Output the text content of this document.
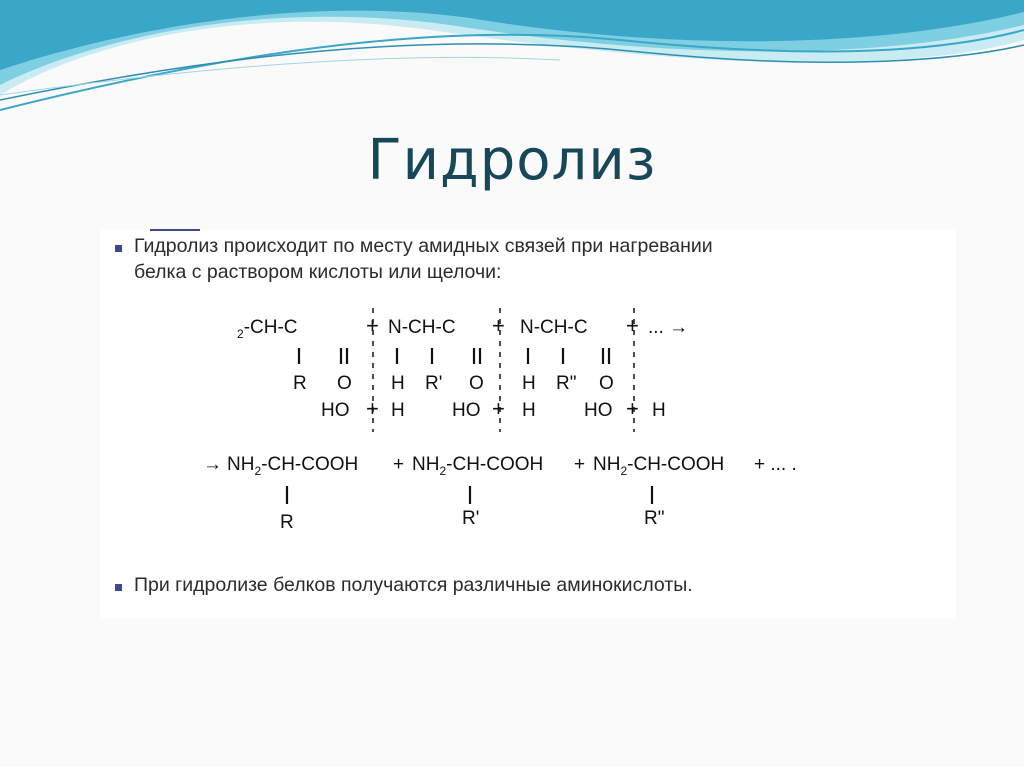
Гидролиз
Гидролиз происходит по месту амидных связей при нагревании белка с раствором кислоты или щелочи:
$_2$-CH-C	+ N-CH-C + N-CH-C + ... →
R O H R' O H R" O
HO + H HO + H	HO + H
→ $NH_2-CH$-COOH + $NH_2-CH$-COOH + $NH_2-CH$-COOH + ... .
R	R'	R"
При гидролизе белков получаются различные аминокислоты.
